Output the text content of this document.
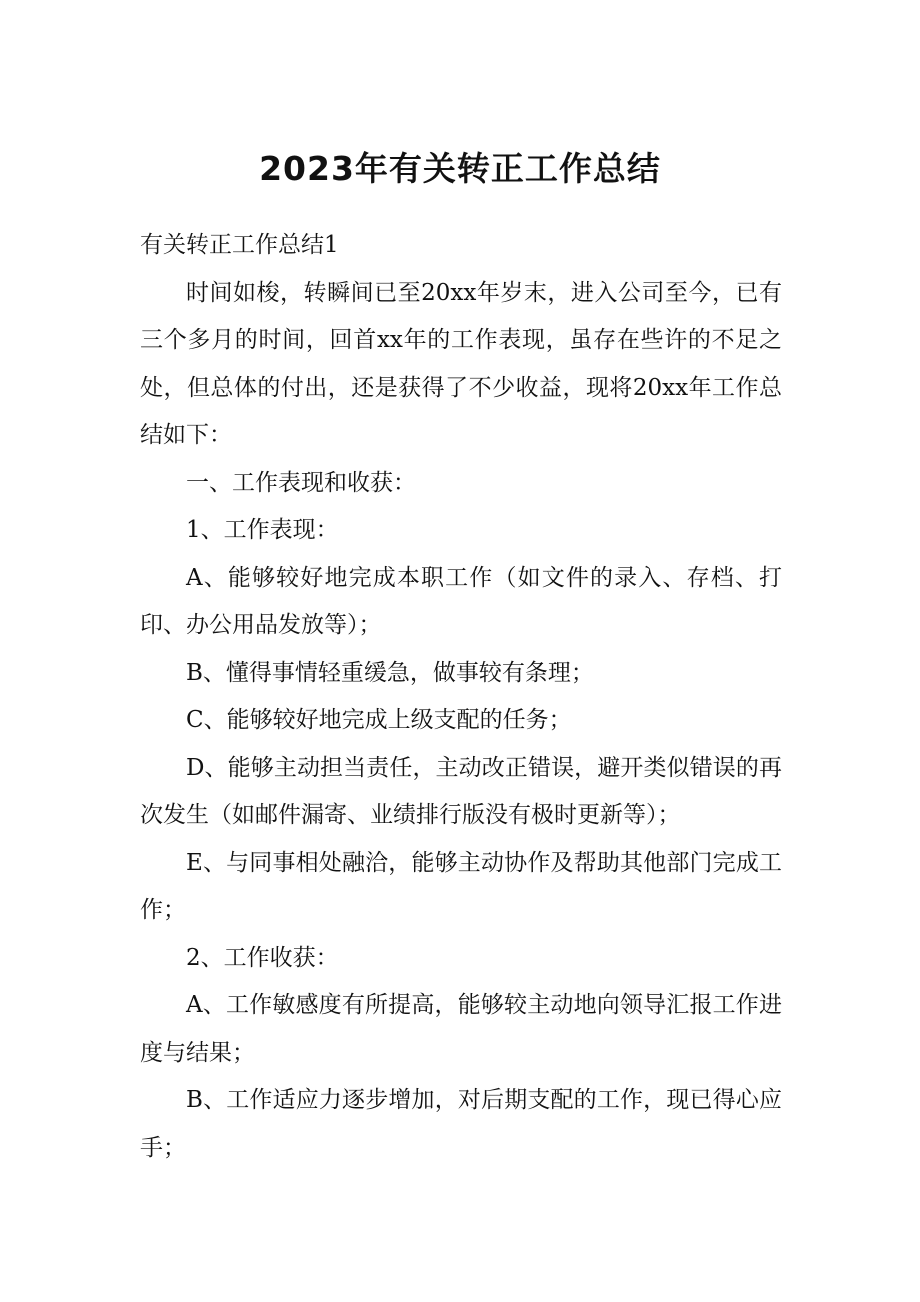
2023年有关转正工作总结

有关转正工作总结1

时间如梭，转瞬间已至20xx年岁末，进入公司至今，已有三个多月的时间，回首xx年的工作表现，虽存在些许的不足之处，但总体的付出，还是获得了不少收益，现将20xx年工作总结如下：

一、工作表现和收获：

1、工作表现：

A、能够较好地完成本职工作（如文件的录入、存档、打印、办公用品发放等）；

B、懂得事情轻重缓急，做事较有条理；

C、能够较好地完成上级支配的任务；

D、能够主动担当责任，主动改正错误，避开类似错误的再次发生（如邮件漏寄、业绩排行版没有极时更新等）；

E、与同事相处融洽，能够主动协作及帮助其他部门完成工作；

2、工作收获：

A、工作敏感度有所提高，能够较主动地向领导汇报工作进度与结果；

B、工作适应力逐步增加，对后期支配的工作，现已得心应手；
